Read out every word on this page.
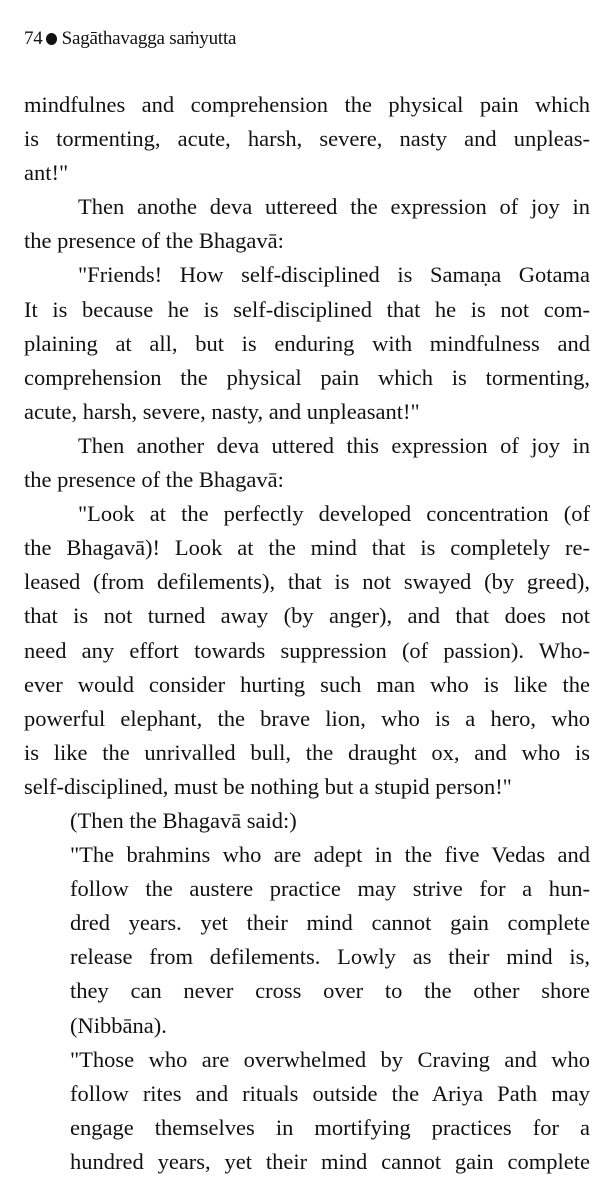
74 Sagāthavagga saṁyutta
mindfulnes and comprehension the physical pain which
is tormenting, acute, harsh, severe, nasty and unpleas-
ant!"
Then anothe deva uttereed the expression of joy in
the presence of the Bhagavā:
"Friends! How self-disciplined is Samaṇa Gotama
It is because he is self-disciplined that he is not com-
plaining at all, but is enduring with mindfulness and
comprehension the physical pain which is tormenting,
acute, harsh, severe, nasty, and unpleasant!"
Then another deva uttered this expression of joy in
the presence of the Bhagavā:
"Look at the perfectly developed concentration (of
the Bhagavā)! Look at the mind that is completely re-
leased (from defilements), that is not swayed (by greed),
that is not turned away (by anger), and that does not
need any effort towards suppression (of passion). Who-
ever would consider hurting such man who is like the
powerful elephant, the brave lion, who is a hero, who
is like the unrivalled bull, the draught ox, and who is
self-disciplined, must be nothing but a stupid person!"
(Then the Bhagavā said:)
"The brahmins who are adept in the five Vedas and
follow the austere practice may strive for a hun-
dred years. yet their mind cannot gain complete
release from defilements. Lowly as their mind is,
they can never cross over to the other shore
(Nibbāna).
"Those who are overwhelmed by Craving and who
follow rites and rituals outside the Ariya Path may
engage themselves in mortifying practices for a
hundred years, yet their mind cannot gain complete
